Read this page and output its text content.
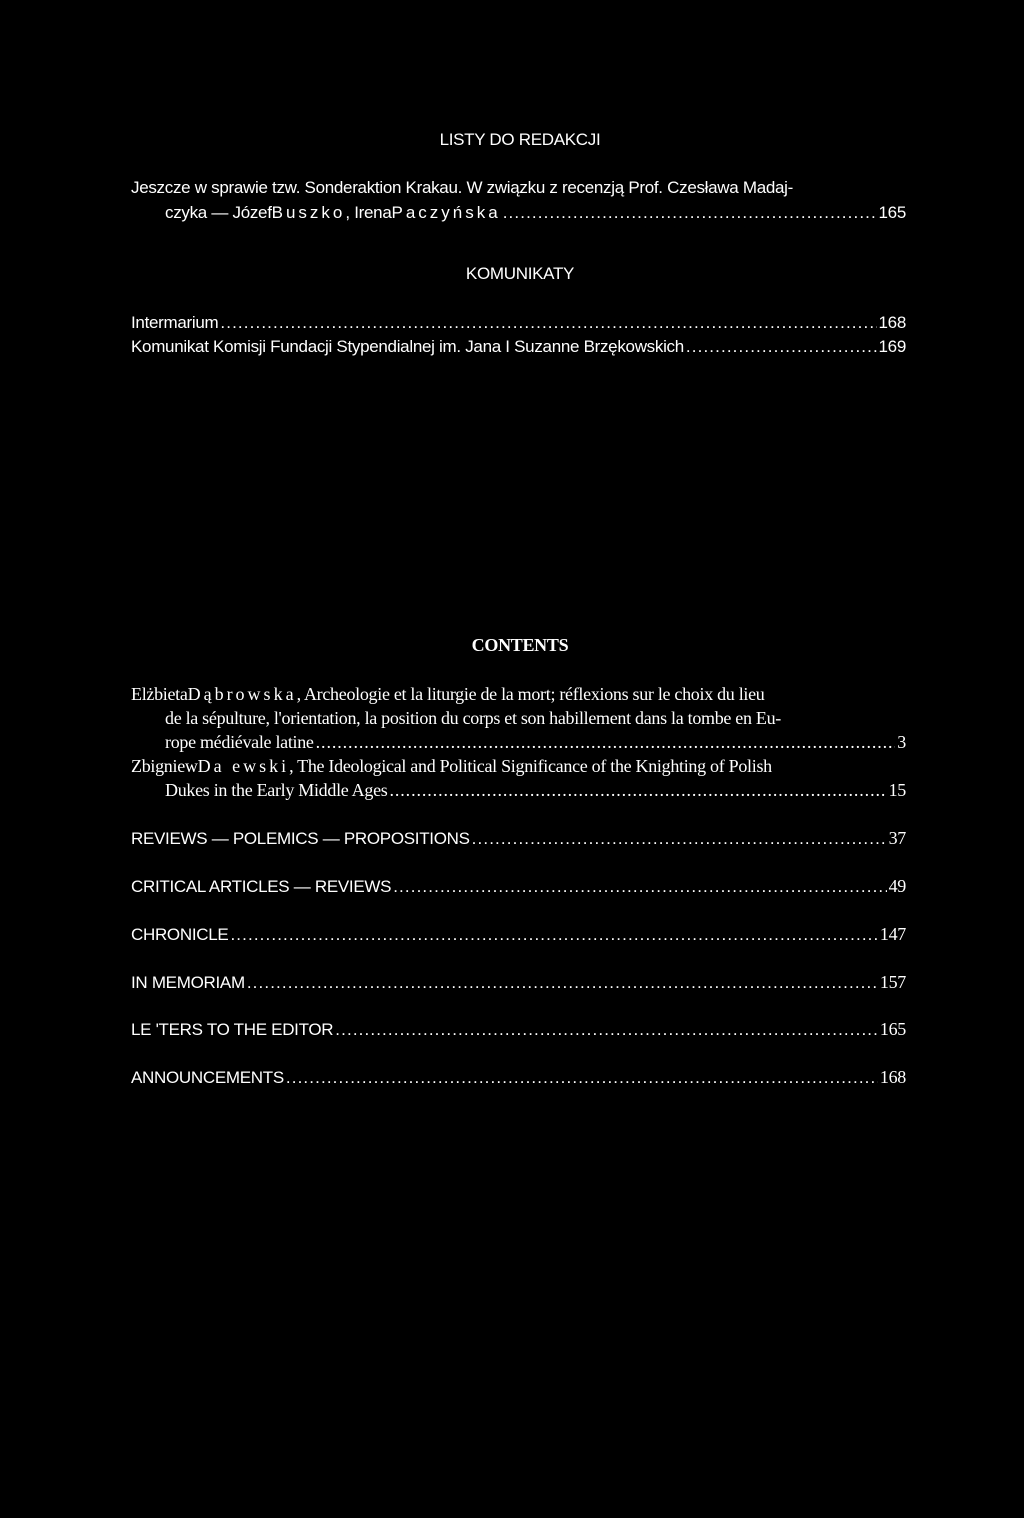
LISTY DO REDAKCJI
Jeszcze w sprawie tzw. Sonderaktion Krakau. W związku z recenzją Prof. Czesława Madaj-
czyka — Józef Buszko , Irena Paczyńska . . .	165
KOMUNIKATY
Intermarium . . .	168
Komunikat Komisji Fundacji Stypendialnej im. Jana I Suzanne Brzękowskich . . .	169
CONTENTS
Elżbieta Dąbrowska , Archeologie et la liturgie de la mort; réflexions sur le choix du lieu
de la sépulture, l'orientation, la position du corps et son habillement dans la tombe en Eu-
rope médiévale latine . . .	3
Zbigniew Da ewski , The Ideological and Political Significance of the Knighting of Polish
Dukes in the Early Middle Ages . . .	15
REVIEWS — POLEMICS — PROPOSITIONS . . .	37
CRITICAL ARTICLES — REVIEWS . . .	49
CHRONICLE . . .	147
IN MEMORIAM . . .	157
LE 'TERS TO THE EDITOR . . .	165
ANNOUNCEMENTS . . .	168
